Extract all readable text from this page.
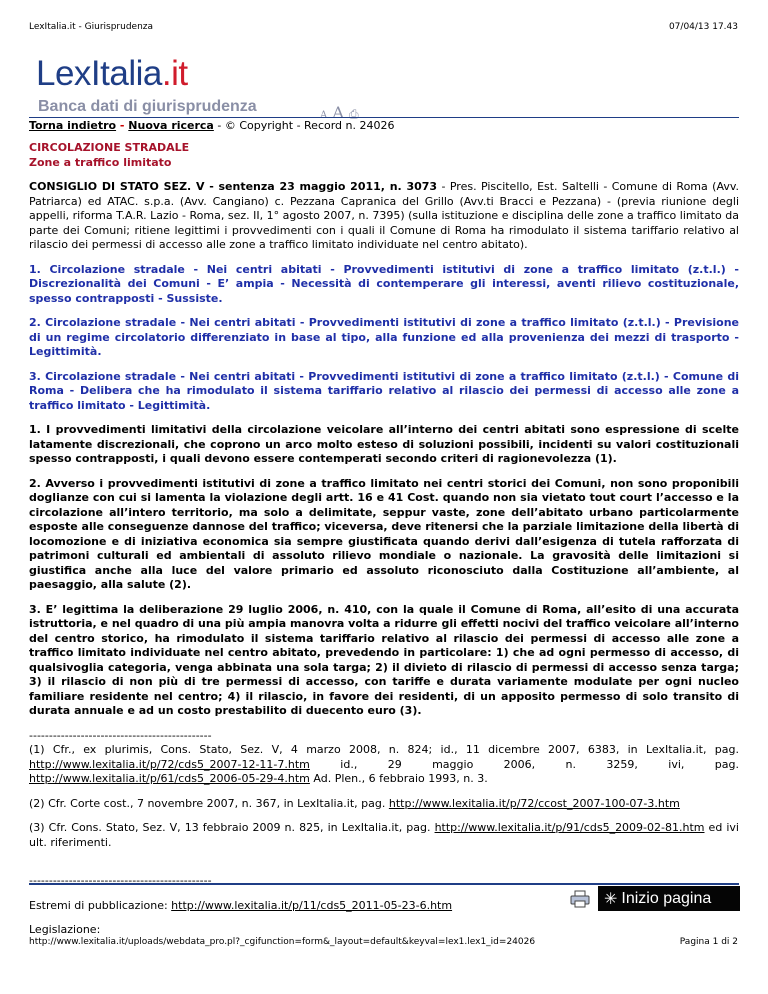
LexItalia.it - Giurisprudenza	07/04/13 17.43
LexItalia.it
Banca dati di giurisprudenza
A A ⎙
Torna indietro - Nuova ricerca - © Copyright - Record n. 24026

CIRCOLAZIONE STRADALE
Zone a traffico limitato

CONSIGLIO DI STATO SEZ. V - sentenza 23 maggio 2011, n. 3073 - Pres. Piscitello, Est. Saltelli - Comune di Roma (Avv. Patriarca) ed ATAC. s.p.a. (Avv. Cangiano) c. Pezzana Capranica del Grillo (Avv.ti Bracci e Pezzana) - (previa riunione degli appelli, riforma T.A.R. Lazio - Roma, sez. II, 1° agosto 2007, n. 7395) (sulla istituzione e disciplina delle zone a traffico limitato da parte dei Comuni; ritiene legittimi i provvedimenti con i quali il Comune di Roma ha rimodulato il sistema tariffario relativo al rilascio dei permessi di accesso alle zone a traffico limitato individuate nel centro abitato).

1. Circolazione stradale - Nei centri abitati - Provvedimenti istitutivi di zone a traffico limitato (z.t.l.) - Discrezionalità dei Comuni - E’ ampia - Necessità di contemperare gli interessi, aventi rilievo costituzionale, spesso contrapposti - Sussiste.

2. Circolazione stradale - Nei centri abitati - Provvedimenti istitutivi di zone a traffico limitato (z.t.l.) - Previsione di un regime circolatorio differenziato in base al tipo, alla funzione ed alla provenienza dei mezzi di trasporto - Legittimità.

3. Circolazione stradale - Nei centri abitati - Provvedimenti istitutivi di zone a traffico limitato (z.t.l.) - Comune di Roma - Delibera che ha rimodulato il sistema tariffario relativo al rilascio dei permessi di accesso alle zone a traffico limitato - Legittimità.

1. I provvedimenti limitativi della circolazione veicolare all’interno dei centri abitati sono espressione di scelte latamente discrezionali, che coprono un arco molto esteso di soluzioni possibili, incidenti su valori costituzionali spesso contrapposti, i quali devono essere contemperati secondo criteri di ragionevolezza (1).

2. Avverso i provvedimenti istitutivi di zone a traffico limitato nei centri storici dei Comuni, non sono proponibili doglianze con cui si lamenta la violazione degli artt. 16 e 41 Cost. quando non sia vietato tout court l’accesso e la circolazione all’intero territorio, ma solo a delimitate, seppur vaste, zone dell’abitato urbano particolarmente esposte alle conseguenze dannose del traffico; viceversa, deve ritenersi che la parziale limitazione della libertà di locomozione e di iniziativa economica sia sempre giustificata quando derivi dall’esigenza di tutela rafforzata di patrimoni culturali ed ambientali di assoluto rilievo mondiale o nazionale. La gravosità delle limitazioni si giustifica anche alla luce del valore primario ed assoluto riconosciuto dalla Costituzione all’ambiente, al paesaggio, alla salute (2).

3. E’ legittima la deliberazione 29 luglio 2006, n. 410, con la quale il Comune di Roma, all’esito di una accurata istruttoria, e nel quadro di una più ampia manovra volta a ridurre gli effetti nocivi del traffico veicolare all’interno del centro storico, ha rimodulato il sistema tariffario relativo al rilascio dei permessi di accesso alle zone a traffico limitato individuate nel centro abitato, prevedendo in particolare: 1) che ad ogni permesso di accesso, di qualsivoglia categoria, venga abbinata una sola targa; 2) il divieto di rilascio di permessi di accesso senza targa; 3) il rilascio di non più di tre permessi di accesso, con tariffe e durata variamente modulate per ogni nucleo familiare residente nel centro; 4) il rilascio, in favore dei residenti, di un apposito permesso di solo transito di durata annuale e ad un costo prestabilito di duecento euro (3).

----------------------------------------------

(1) Cfr., ex plurimis, Cons. Stato, Sez. V, 4 marzo 2008, n. 824; id., 11 dicembre 2007, 6383, in LexItalia.it, pag. http://www.lexitalia.it/p/72/cds5_2007-12-11-7.htm id., 29 maggio 2006, n. 3259, ivi, pag. http://www.lexitalia.it/p/61/cds5_2006-05-29-4.htm Ad. Plen., 6 febbraio 1993, n. 3.

(2) Cfr. Corte cost., 7 novembre 2007, n. 367, in LexItalia.it, pag. http://www.lexitalia.it/p/72/ccost_2007-100-07-3.htm

(3) Cfr. Cons. Stato, Sez. V, 13 febbraio 2009 n. 825, in LexItalia.it, pag. http://www.lexitalia.it/p/91/cds5_2009-02-81.htm ed ivi ult. riferimenti.

----------------------------------------------

Estremi di pubblicazione: http://www.lexitalia.it/p/11/cds5_2011-05-23-6.htm

Legislazione:

✳ Inizio pagina
http://www.lexitalia.it/uploads/webdata_pro.pl?_cgifunction=form&_layout=default&keyval=lex1.lex1_id=24026	Pagina 1 di 2
